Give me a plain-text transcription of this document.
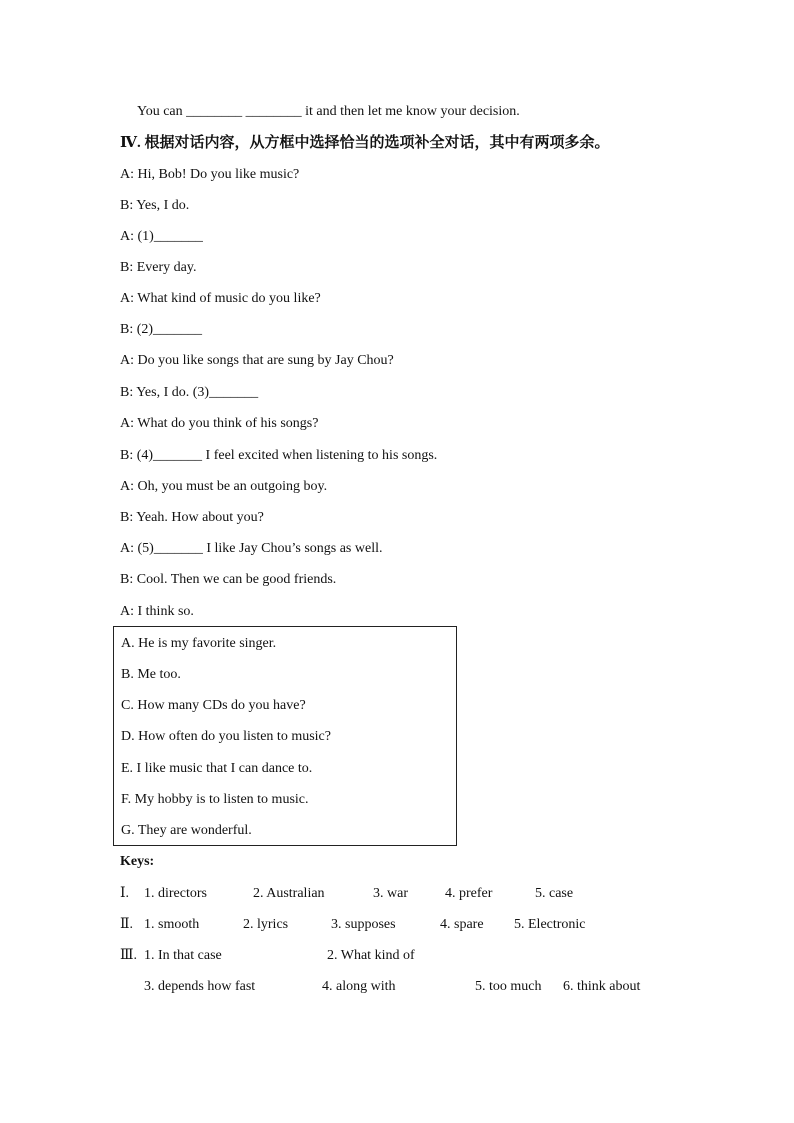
You can ________ ________ it and then let me know your decision.
Ⅳ. 根据对话内容，从方框中选择恰当的选项补全对话，其中有两项多余。
A: Hi, Bob! Do you like music?
B: Yes, I do.
A: (1)_______
B: Every day.
A: What kind of music do you like?
B: (2)_______
A: Do you like songs that are sung by Jay Chou?
B: Yes, I do. (3)_______
A: What do you think of his songs?
B: (4)_______ I feel excited when listening to his songs.
A: Oh, you must be an outgoing boy.
B: Yeah. How about you?
A: (5)_______ I like Jay Chou’s songs as well.
B: Cool. Then we can be good friends.
A: I think so.
A. He is my favorite singer.
B. Me too.
C. How many CDs do you have?
D. How often do you listen to music?
E. I like music that I can dance to.
F. My hobby is to listen to music.
G. They are wonderful.
Keys:
Ⅰ. 1. directors	2. Australian	3. war	4. prefer	5. case
Ⅱ. 1. smooth	2. lyrics	3. supposes	4. spare 5. Electronic
Ⅲ. 1. In that case	2. What kind of
3. depends how fast	4. along with	5. too much 6. think about
